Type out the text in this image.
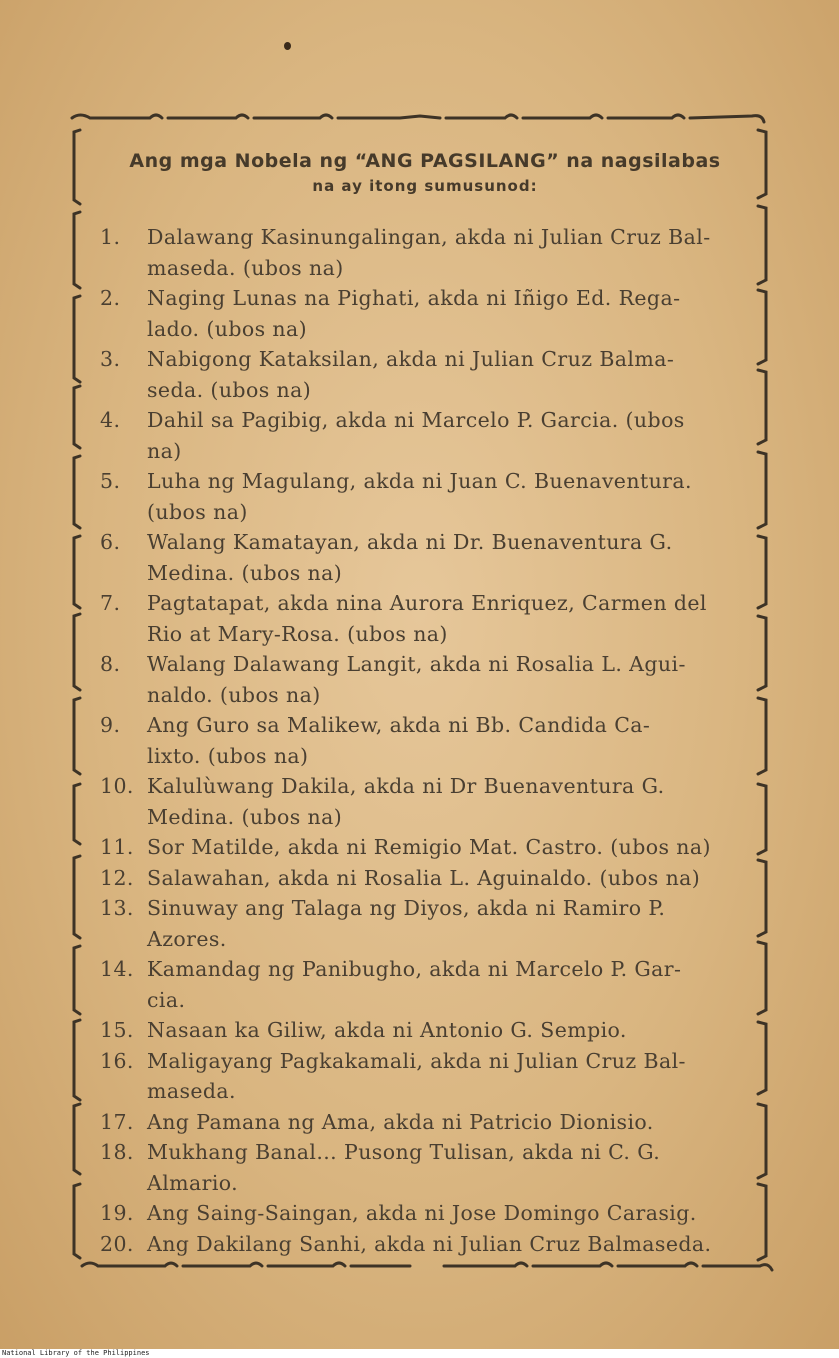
Ang mga Nobela ng “ANG PAGSILANG” na nagsilabas
na ay itong sumusunod:
1.	Dalawang Kasinungalingan, akda ni Julian Cruz Bal-
maseda. (ubos na)
2.	Naging Lunas na Pighati, akda ni Iñigo Ed. Rega-
lado. (ubos na)
3.	Nabigong Kataksilan, akda ni Julian Cruz Balma-
seda. (ubos na)
4.	Dahil sa Pagibig, akda ni Marcelo P. Garcia. (ubos
na)
5.	Luha ng Magulang, akda ni Juan C. Buenaventura.
(ubos na)
6.	Walang Kamatayan, akda ni Dr. Buenaventura G.
Medina. (ubos na)
7.	Pagtatapat, akda nina Aurora Enriquez, Carmen del
Rio at Mary-Rosa. (ubos na)
8.	Walang Dalawang Langit, akda ni Rosalia L. Agui-
naldo. (ubos na)
9.	Ang Guro sa Malikew, akda ni Bb. Candida Ca-
lixto. (ubos na)
10. Kalulùwang Dakila, akda ni Dr Buenaventura G.
Medina. (ubos na)
11. Sor Matilde, akda ni Remigio Mat. Castro. (ubos na)
12. Salawahan, akda ni Rosalia L. Aguinaldo. (ubos na)
13. Sinuway ang Talaga ng Diyos, akda ni Ramiro P.
Azores.
14. Kamandag ng Panibugho, akda ni Marcelo P. Gar-
cia.
15. Nasaan ka Giliw, akda ni Antonio G. Sempio.
16. Maligayang Pagkakamali, akda ni Julian Cruz Bal-
maseda.
17. Ang Pamana ng Ama, akda ni Patricio Dionisio.
18. Mukhang Banal... Pusong Tulisan, akda ni C. G.
Almario.
19. Ang Saing-Saingan, akda ni Jose Domingo Carasig.
20. Ang Dakilang Sanhi, akda ni Julian Cruz Balmaseda.
National Library of the Philippines
